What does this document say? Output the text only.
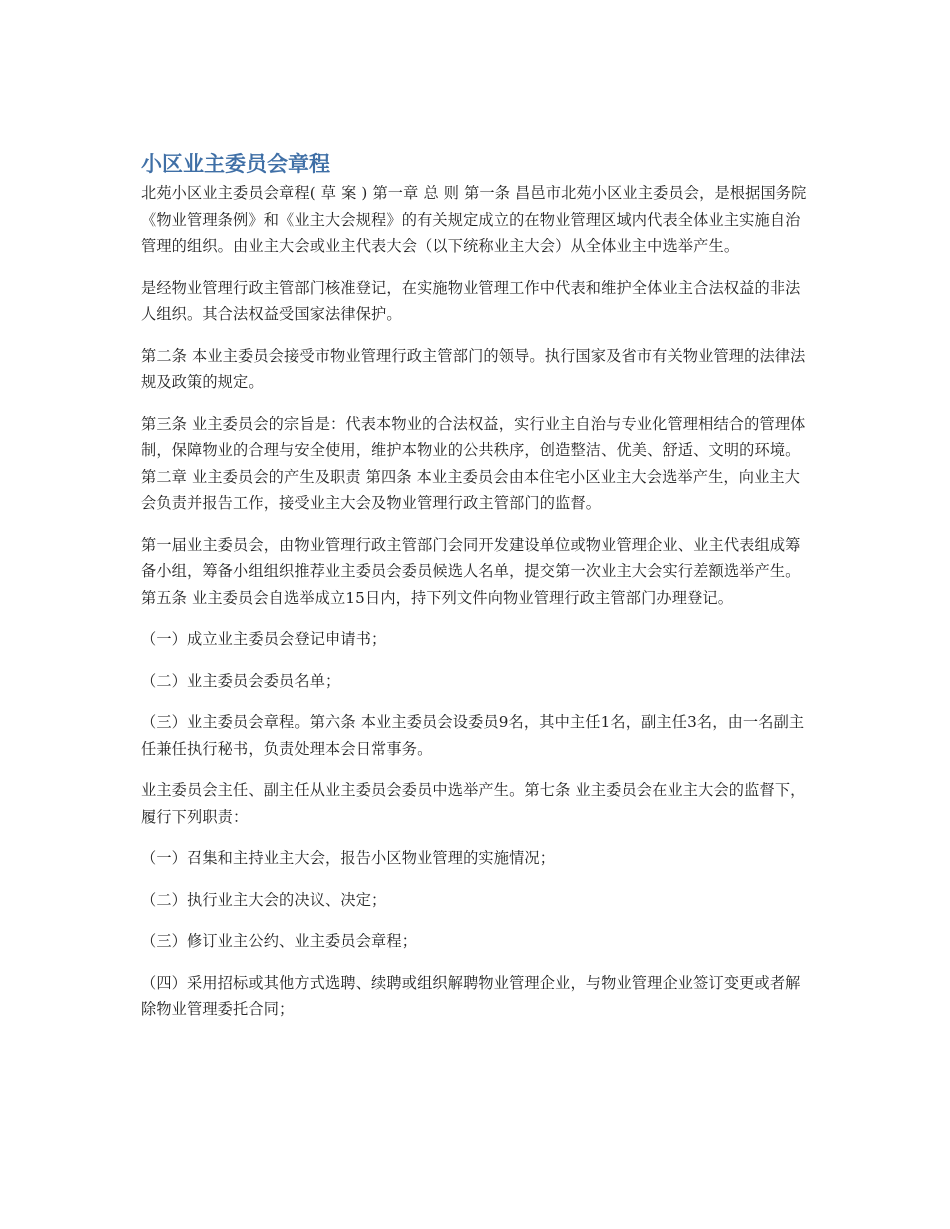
小区业主委员会章程

北苑小区业主委员会章程( 草 案 ) 第一章 总 则 第一条 昌邑市北苑小区业主委员会，是根据国务院《物业管理条例》和《业主大会规程》的有关规定成立的在物业管理区域内代表全体业主实施自治管理的组织。由业主大会或业主代表大会（以下统称业主大会）从全体业主中选举产生。

是经物业管理行政主管部门核准登记，在实施物业管理工作中代表和维护全体业主合法权益的非法人组织。其合法权益受国家法律保护。

第二条 本业主委员会接受市物业管理行政主管部门的领导。执行国家及省市有关物业管理的法律法规及政策的规定。

第三条 业主委员会的宗旨是：代表本物业的合法权益，实行业主自治与专业化管理相结合的管理体制，保障物业的合理与安全使用，维护本物业的公共秩序，创造整洁、优美、舒适、文明的环境。 第二章 业主委员会的产生及职责 第四条 本业主委员会由本住宅小区业主大会选举产生，向业主大会负责并报告工作，接受业主大会及物业管理行政主管部门的监督。

第一届业主委员会，由物业管理行政主管部门会同开发建设单位或物业管理企业、业主代表组成筹备小组，筹备小组组织推荐业主委员会委员候选人名单，提交第一次业主大会实行差额选举产生。第五条 业主委员会自选举成立15日内，持下列文件向物业管理行政主管部门办理登记。

（一）成立业主委员会登记申请书；

（二）业主委员会委员名单；

（三）业主委员会章程。第六条 本业主委员会设委员9名，其中主任1名，副主任3名，由一名副主任兼任执行秘书，负责处理本会日常事务。

业主委员会主任、副主任从业主委员会委员中选举产生。第七条 业主委员会在业主大会的监督下，履行下列职责：

（一）召集和主持业主大会，报告小区物业管理的实施情况；

（二）执行业主大会的决议、决定；

（三）修订业主公约、业主委员会章程；

（四）采用招标或其他方式选聘、续聘或组织解聘物业管理企业，与物业管理企业签订变更或者解除物业管理委托合同；
